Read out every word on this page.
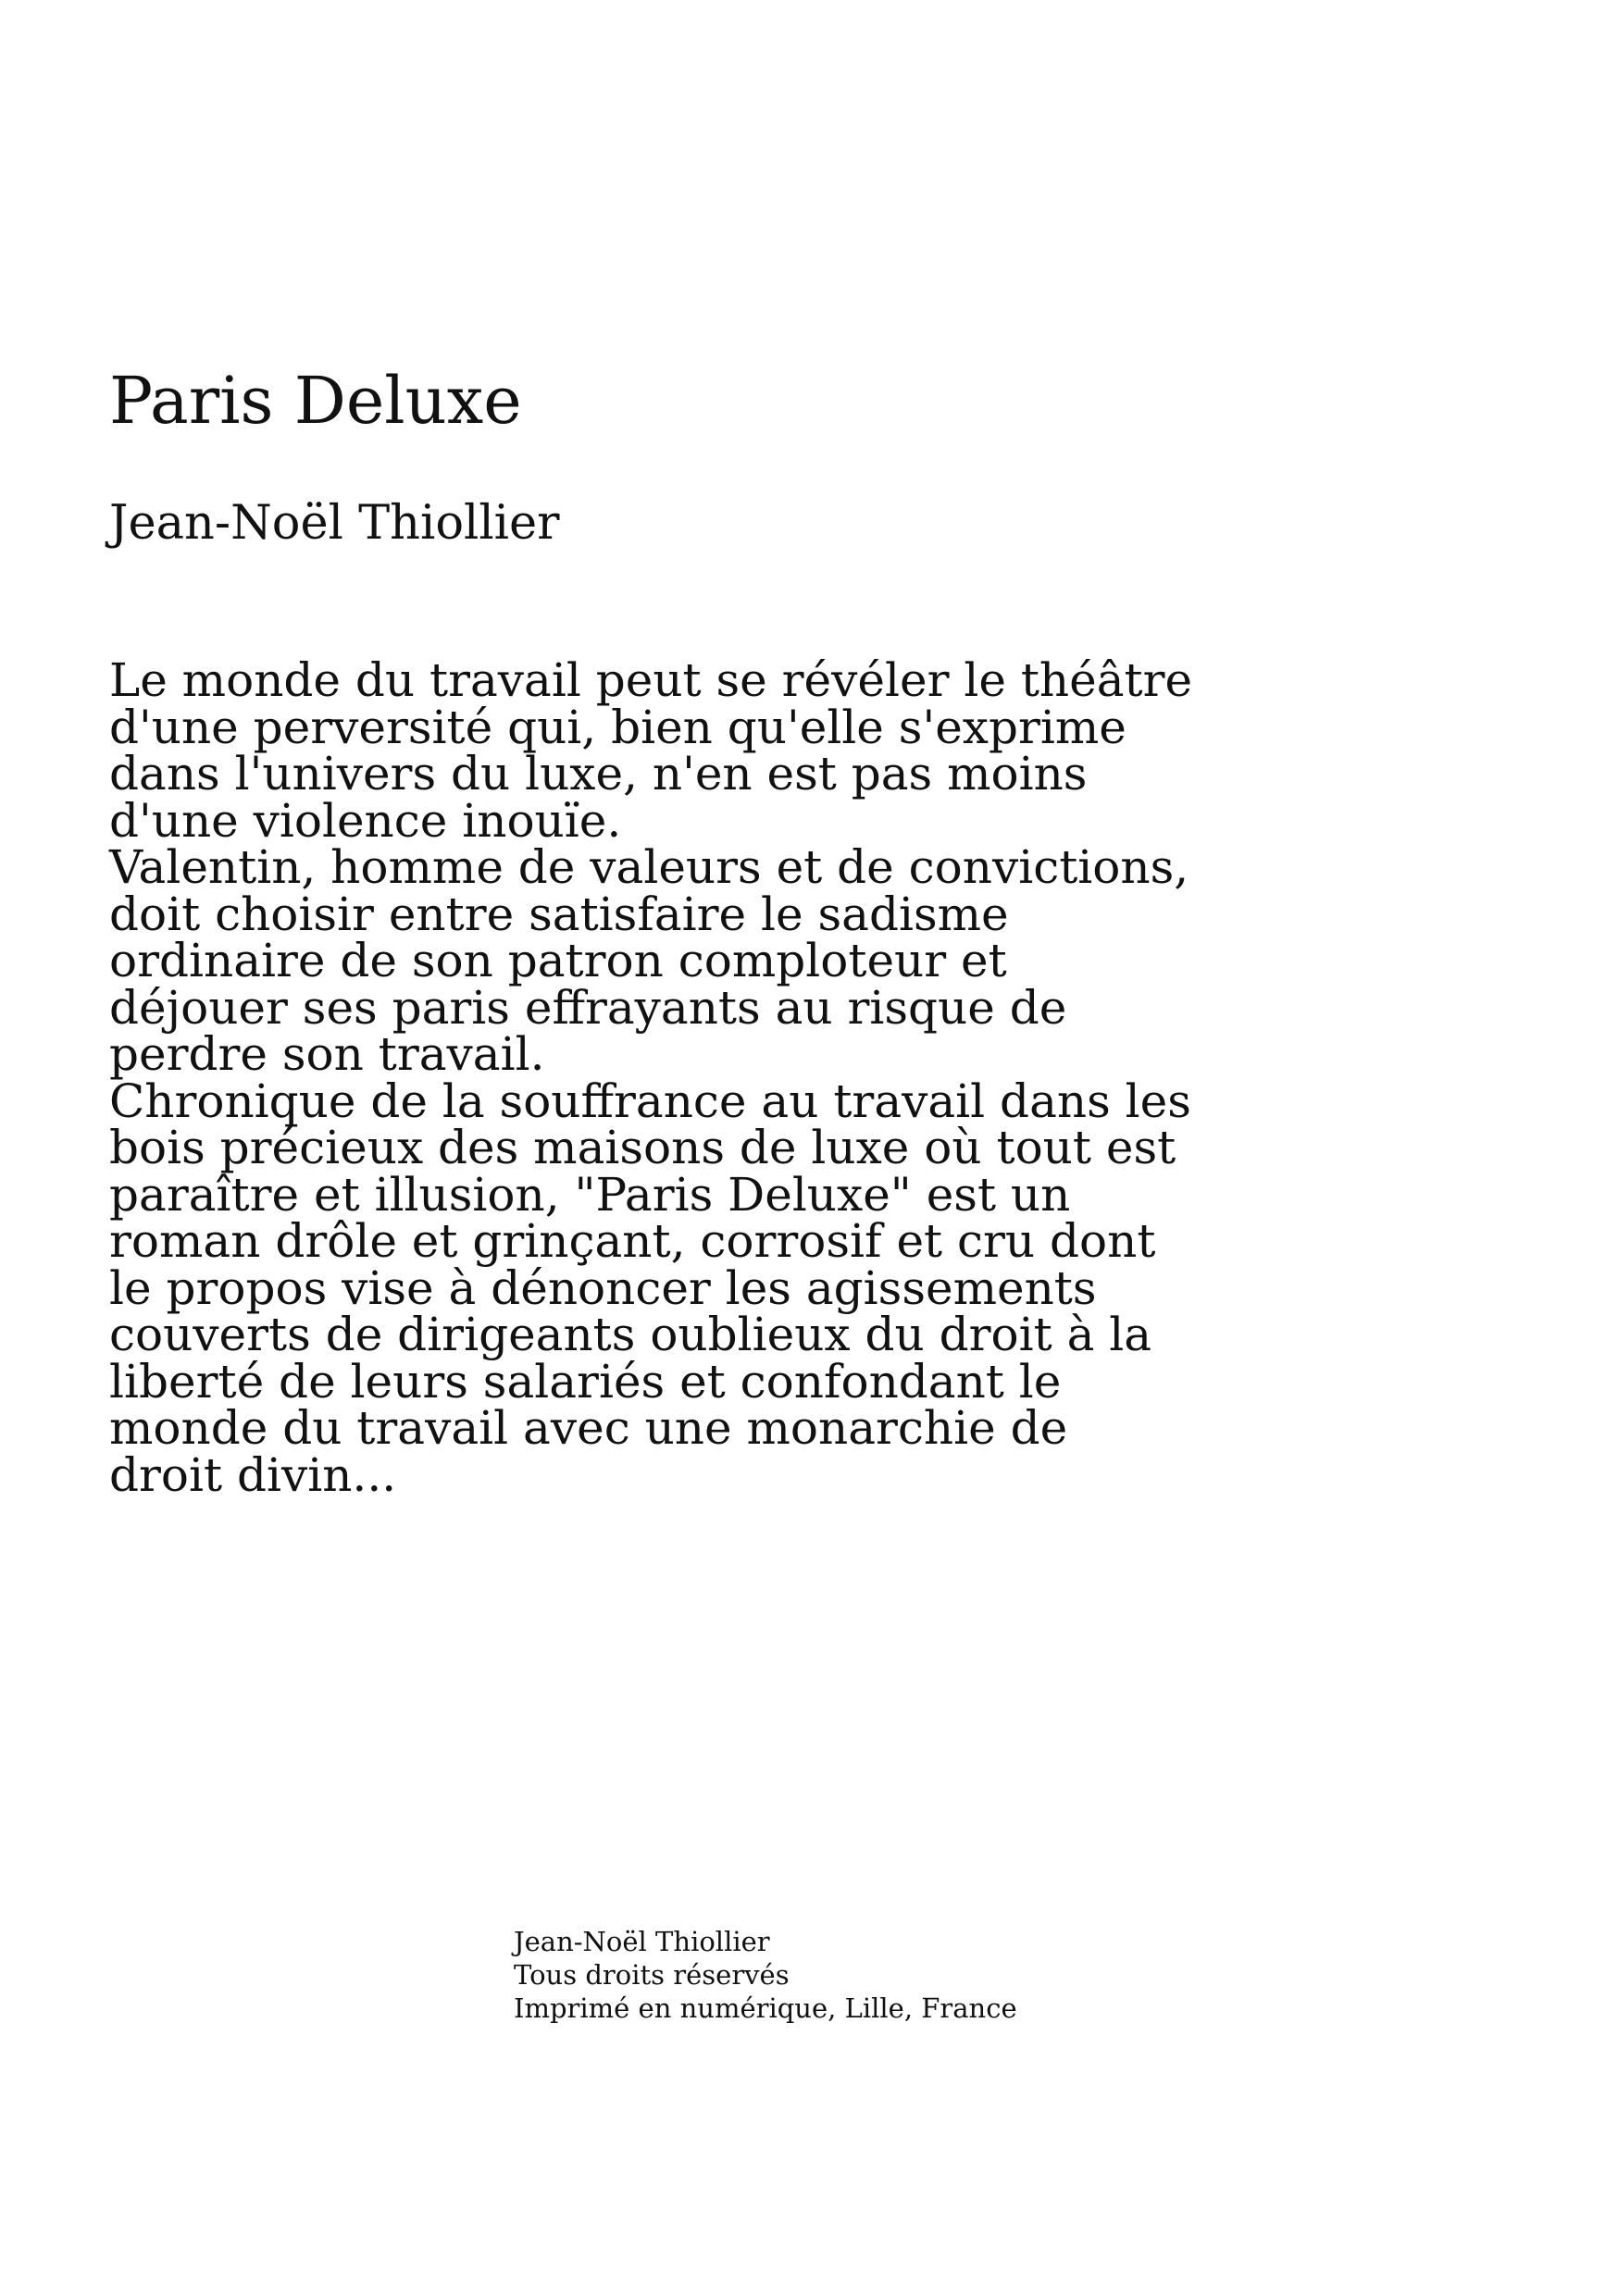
Paris Deluxe
Jean-Noël Thiollier
Le monde du travail peut se révéler le théâtre
d'une perversité qui, bien qu'elle s'exprime
dans l'univers du luxe, n'en est pas moins
d'une violence inouïe.
Valentin, homme de valeurs et de convictions,
doit choisir entre satisfaire le sadisme
ordinaire de son patron comploteur et
déjouer ses paris effrayants au risque de
perdre son travail.
Chronique de la souffrance au travail dans les
bois précieux des maisons de luxe où tout est
paraître et illusion, "Paris Deluxe" est un
roman drôle et grinçant, corrosif et cru dont
le propos vise à dénoncer les agissements
couverts de dirigeants oublieux du droit à la
liberté de leurs salariés et confondant le
monde du travail avec une monarchie de
droit divin...
Jean-Noël Thiollier
Tous droits réservés
Imprimé en numérique, Lille, France
